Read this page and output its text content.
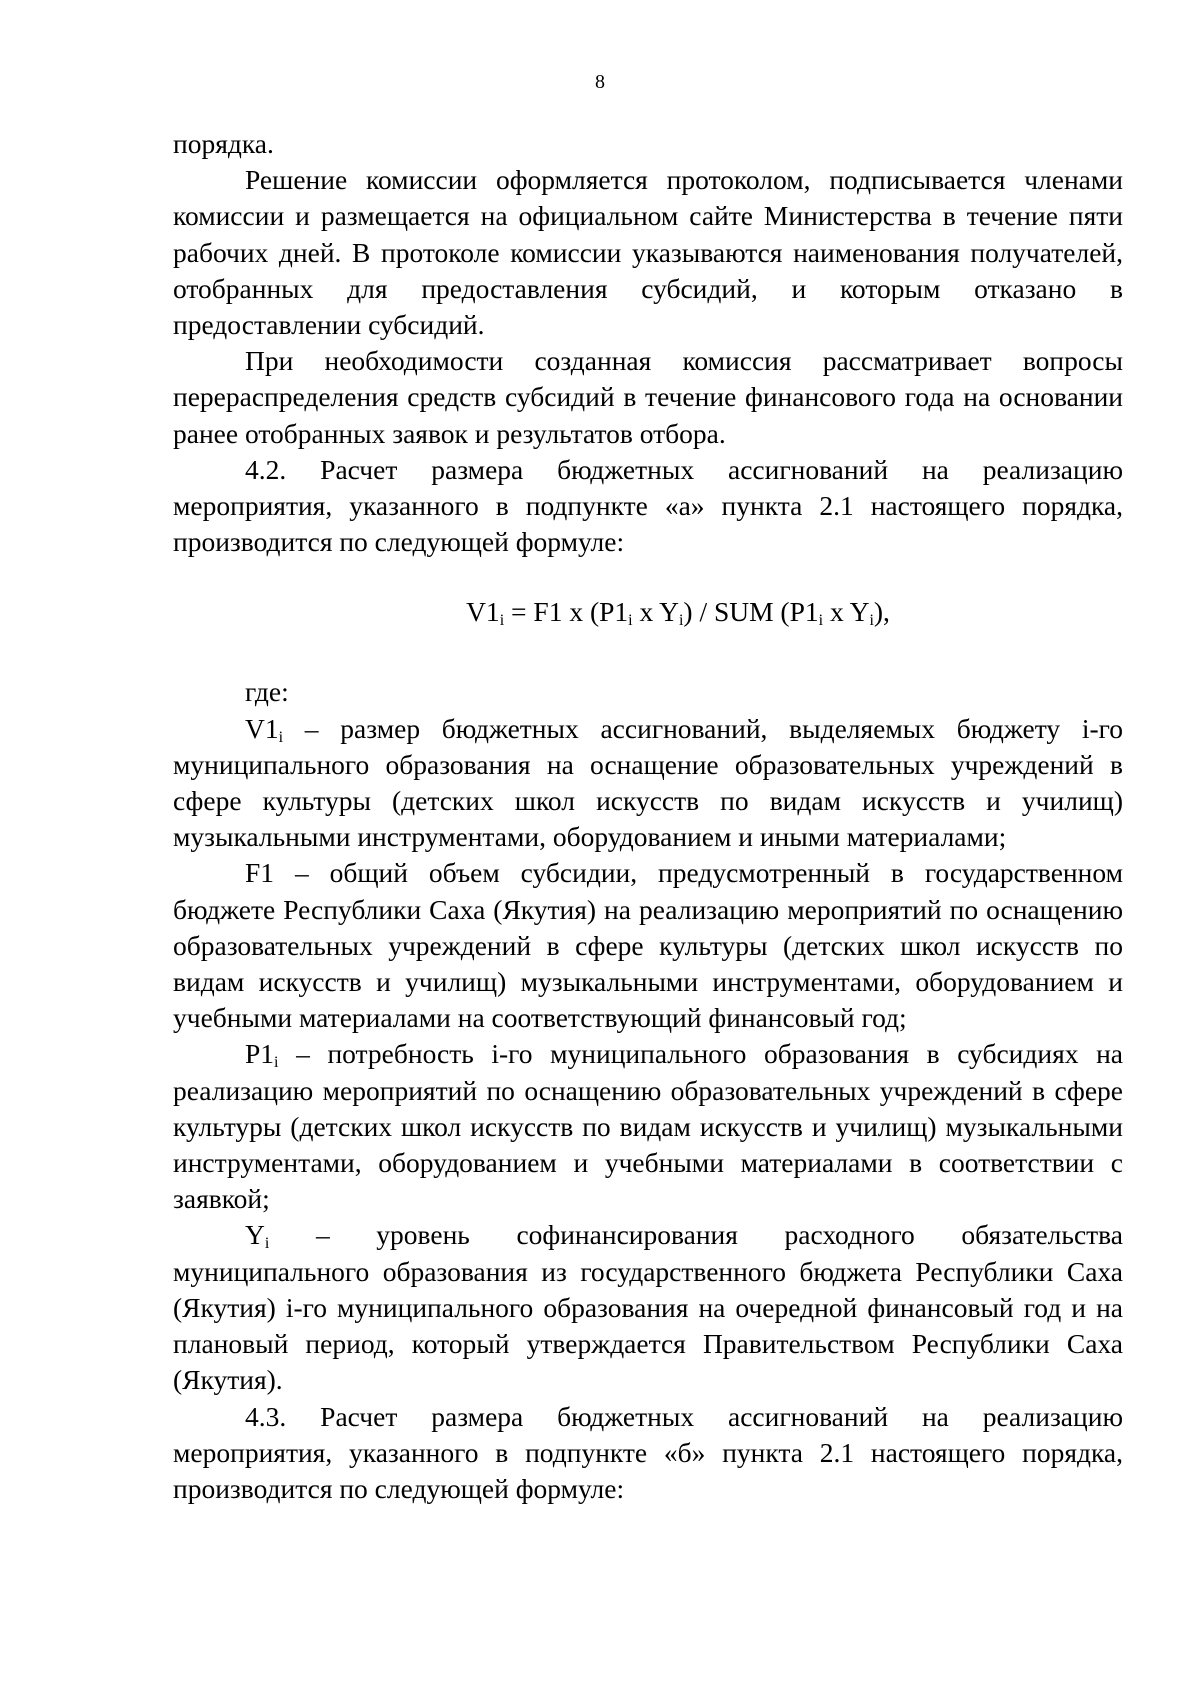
8

порядка.

Решение комиссии оформляется протоколом, подписывается членами комиссии и размещается на официальном сайте Министерства в течение пяти рабочих дней. В протоколе комиссии указываются наименования получателей, отобранных для предоставления субсидий, и которым отказано в предоставлении субсидий.

При необходимости созданная комиссия рассматривает вопросы перераспределения средств субсидий в течение финансового года на основании ранее отобранных заявок и результатов отбора.

4.2. Расчет размера бюджетных ассигнований на реализацию мероприятия, указанного в подпункте «а» пункта 2.1 настоящего порядка, производится по следующей формуле:

$V1_i = F1$ x ($P1_i$ x $Y_i$) / SUM ($P1_i$ x $Y_i$),

где:

$V1_i$ – размер бюджетных ассигнований, выделяемых бюджету i-го муниципального образования на оснащение образовательных учреждений в сфере культуры (детских школ искусств по видам искусств и училищ) музыкальными инструментами, оборудованием и иными материалами;

F1 – общий объем субсидии, предусмотренный в государственном бюджете Республики Саха (Якутия) на реализацию мероприятий по оснащению образовательных учреждений в сфере культуры (детских школ искусств по видам искусств и училищ) музыкальными инструментами, оборудованием и учебными материалами на соответствующий финансовый год;

$P1_i$ – потребность i-го муниципального образования в субсидиях на реализацию мероприятий по оснащению образовательных учреждений в сфере культуры (детских школ искусств по видам искусств и училищ) музыкальными инструментами, оборудованием и учебными материалами в соответствии с заявкой;

$Y_i$ – уровень софинансирования расходного обязательства муниципального образования из государственного бюджета Республики Саха (Якутия) i-го муниципального образования на очередной финансовый год и на плановый период, который утверждается Правительством Республики Саха (Якутия).

4.3. Расчет размера бюджетных ассигнований на реализацию мероприятия, указанного в подпункте «б» пункта 2.1 настоящего порядка, производится по следующей формуле:
